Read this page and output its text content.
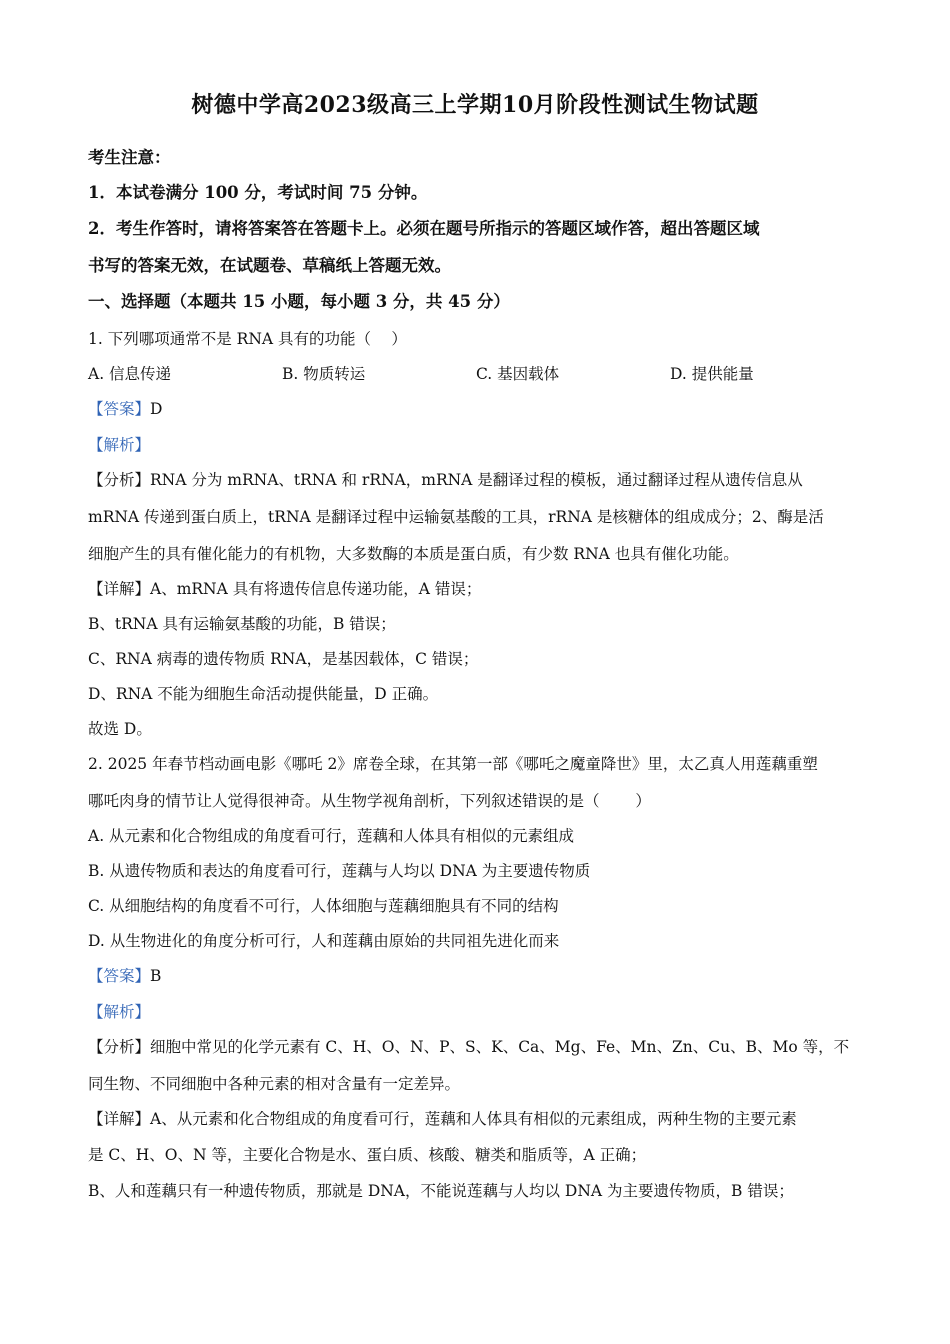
树德中学高2023级高三上学期10月阶段性测试生物试题
考生注意：
1．本试卷满分 100 分，考试时间 75 分钟。
2．考生作答时，请将答案答在答题卡上。必须在题号所指示的答题区域作答，超出答题区域
书写的答案无效，在试题卷、草稿纸上答题无效。
一、选择题（本题共 15 小题，每小题 3 分，共 45 分）
1. 下列哪项通常不是 RNA 具有的功能（　 ）
A. 信息传递	B. 物质转运	C. 基因载体	D. 提供能量
【答案】D
【解析】
【分析】RNA 分为 mRNA、tRNA 和 rRNA，mRNA 是翻译过程的模板，通过翻译过程从遗传信息从
mRNA 传递到蛋白质上，tRNA 是翻译过程中运输氨基酸的工具，rRNA 是核糖体的组成成分；2、酶是活
细胞产生的具有催化能力的有机物，大多数酶的本质是蛋白质，有少数 RNA 也具有催化功能。
【详解】A、mRNA 具有将遗传信息传递功能，A 错误；
B、tRNA 具有运输氨基酸的功能，B 错误；
C、RNA 病毒的遗传物质 RNA，是基因载体，C 错误；
D、RNA 不能为细胞生命活动提供能量，D 正确。
故选 D。
2. 2025 年春节档动画电影《哪吒 2》席卷全球，在其第一部《哪吒之魔童降世》里，太乙真人用莲藕重塑
哪吒肉身的情节让人觉得很神奇。从生物学视角剖析，下列叙述错误的是（　　 ）
A. 从元素和化合物组成的角度看可行，莲藕和人体具有相似的元素组成
B. 从遗传物质和表达的角度看可行，莲藕与人均以 DNA 为主要遗传物质
C. 从细胞结构的角度看不可行，人体细胞与莲藕细胞具有不同的结构
D. 从生物进化的角度分析可行，人和莲藕由原始的共同祖先进化而来
【答案】B
【解析】
【分析】细胞中常见的化学元素有 C、H、O、N、P、S、K、Ca、Mg、Fe、Mn、Zn、Cu、B、Mo 等，不
同生物、不同细胞中各种元素的相对含量有一定差异。
【详解】A、从元素和化合物组成的角度看可行，莲藕和人体具有相似的元素组成，两种生物的主要元素
是 C、H、O、N 等，主要化合物是水、蛋白质、核酸、糖类和脂质等，A 正确；
B、人和莲藕只有一种遗传物质，那就是 DNA，不能说莲藕与人均以 DNA 为主要遗传物质，B 错误；
